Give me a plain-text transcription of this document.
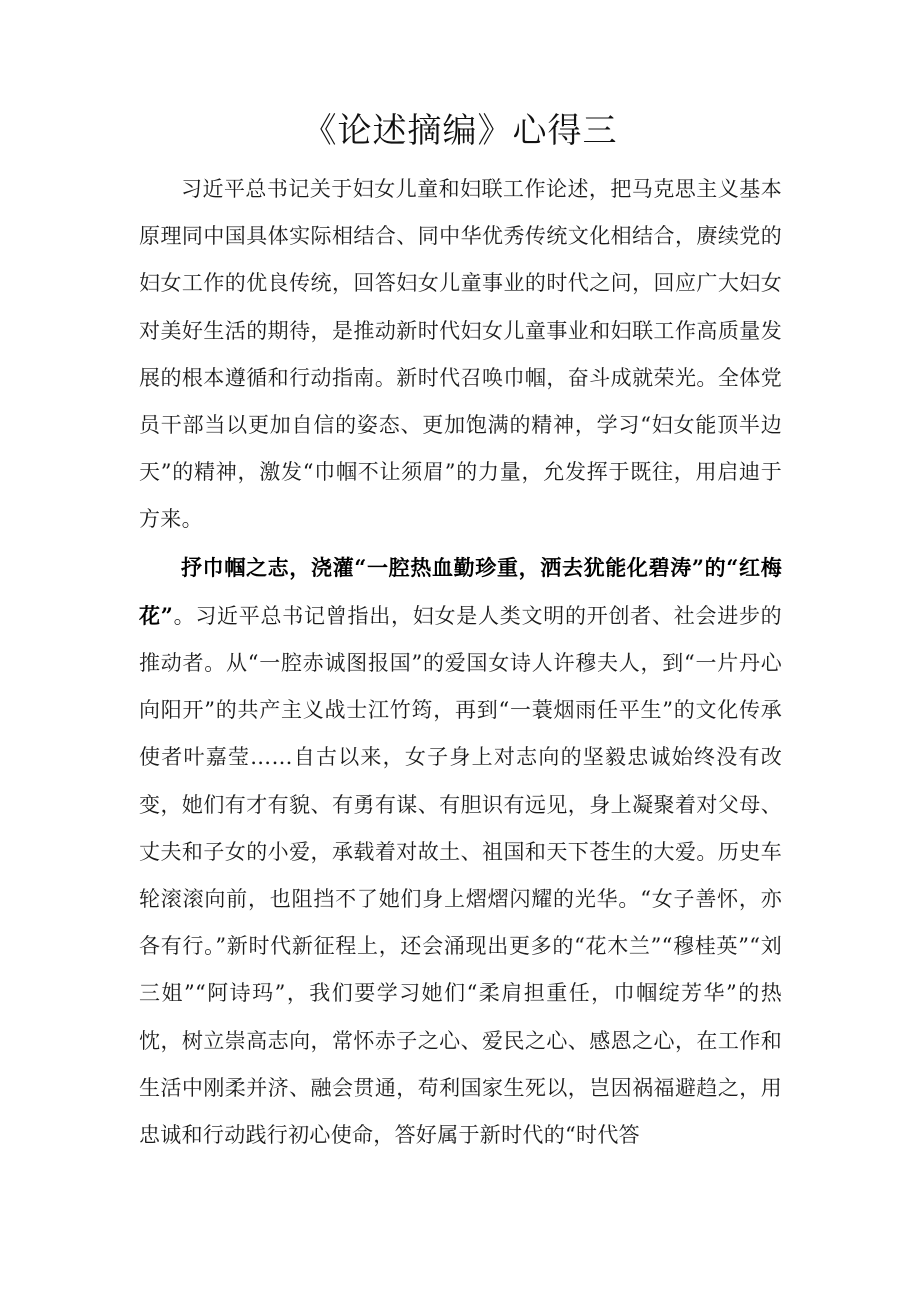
《论述摘编》心得三

习近平总书记关于妇女儿童和妇联工作论述，把马克思主义基本原理同中国具体实际相结合、同中华优秀传统文化相结合，赓续党的妇女工作的优良传统，回答妇女儿童事业的时代之问，回应广大妇女对美好生活的期待，是推动新时代妇女儿童事业和妇联工作高质量发展的根本遵循和行动指南。新时代召唤巾帼，奋斗成就荣光。全体党员干部当以更加自信的姿态、更加饱满的精神，学习“妇女能顶半边天”的精神，激发“巾帼不让须眉”的力量，允发挥于既往，用启迪于方来。

抒巾帼之志，浇灌“一腔热血勤珍重，洒去犹能化碧涛”的“红梅花”。习近平总书记曾指出，妇女是人类文明的开创者、社会进步的推动者。从“一腔赤诚图报国”的爱国女诗人许穆夫人，到“一片丹心向阳开”的共产主义战士江竹筠，再到“一蓑烟雨任平生”的文化传承使者叶嘉莹……自古以来，女子身上对志向的坚毅忠诚始终没有改变，她们有才有貌、有勇有谋、有胆识有远见，身上凝聚着对父母、丈夫和子女的小爱，承载着对故土、祖国和天下苍生的大爱。历史车轮滚滚向前，也阻挡不了她们身上熠熠闪耀的光华。“女子善怀，亦各有行。”新时代新征程上，还会涌现出更多的“花木兰”“穆桂英”“刘三姐”“阿诗玛”，我们要学习她们“柔肩担重任，巾帼绽芳华”的热忱，树立崇高志向，常怀赤子之心、爱民之心、感恩之心，在工作和生活中刚柔并济、融会贯通，苟利国家生死以，岂因祸福避趋之，用忠诚和行动践行初心使命，答好属于新时代的“时代答
